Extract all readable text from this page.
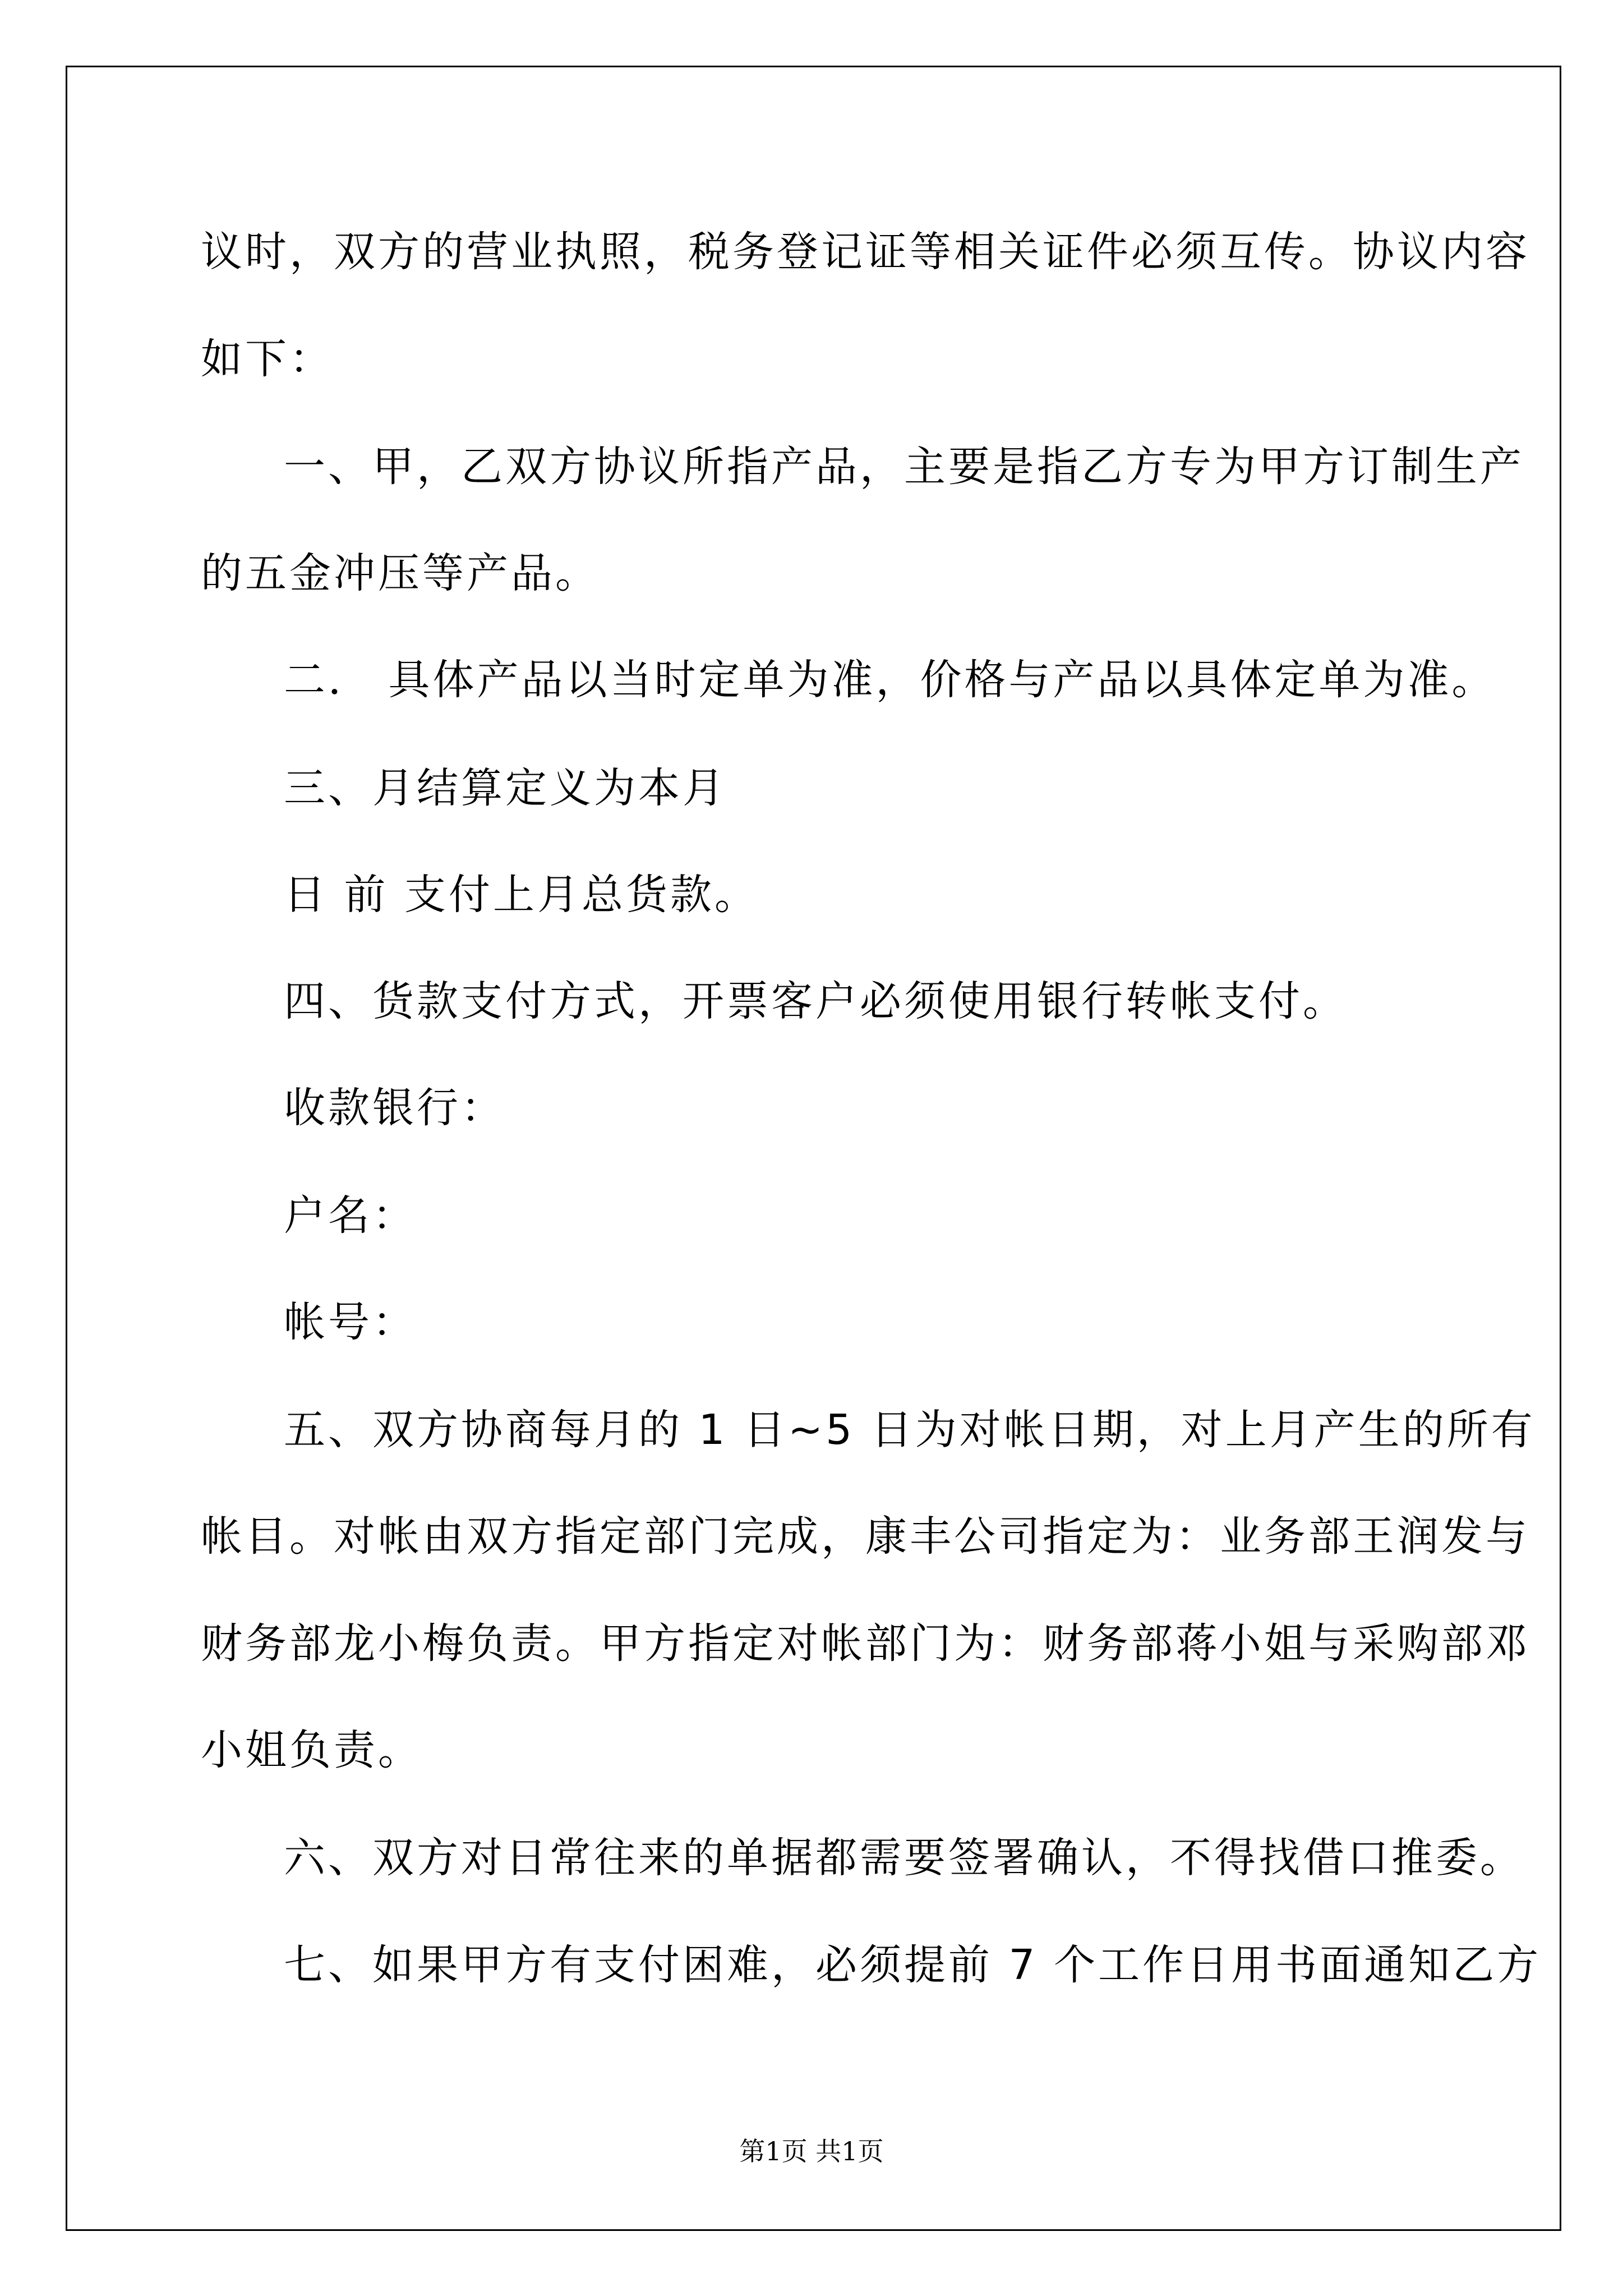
议时，双方的营业执照，税务登记证等相关证件必须互传。协议内容
如下：
一、甲，乙双方协议所指产品，主要是指乙方专为甲方订制生产
的五金冲压等产品。
二． 具体产品以当时定单为准，价格与产品以具体定单为准。
三、月结算定义为本月
日 前 支付上月总货款。
四、货款支付方式，开票客户必须使用银行转帐支付。
收款银行：
户名：
帐号：
五、双方协商每月的 1 日~5 日为对帐日期，对上月产生的所有
帐目。对帐由双方指定部门完成，康丰公司指定为：业务部王润发与
财务部龙小梅负责。甲方指定对帐部门为：财务部蒋小姐与采购部邓
小姐负责。
六、双方对日常往来的单据都需要签署确认，不得找借口推委。
七、如果甲方有支付困难，必须提前 7 个工作日用书面通知乙方
第1页 共1页
